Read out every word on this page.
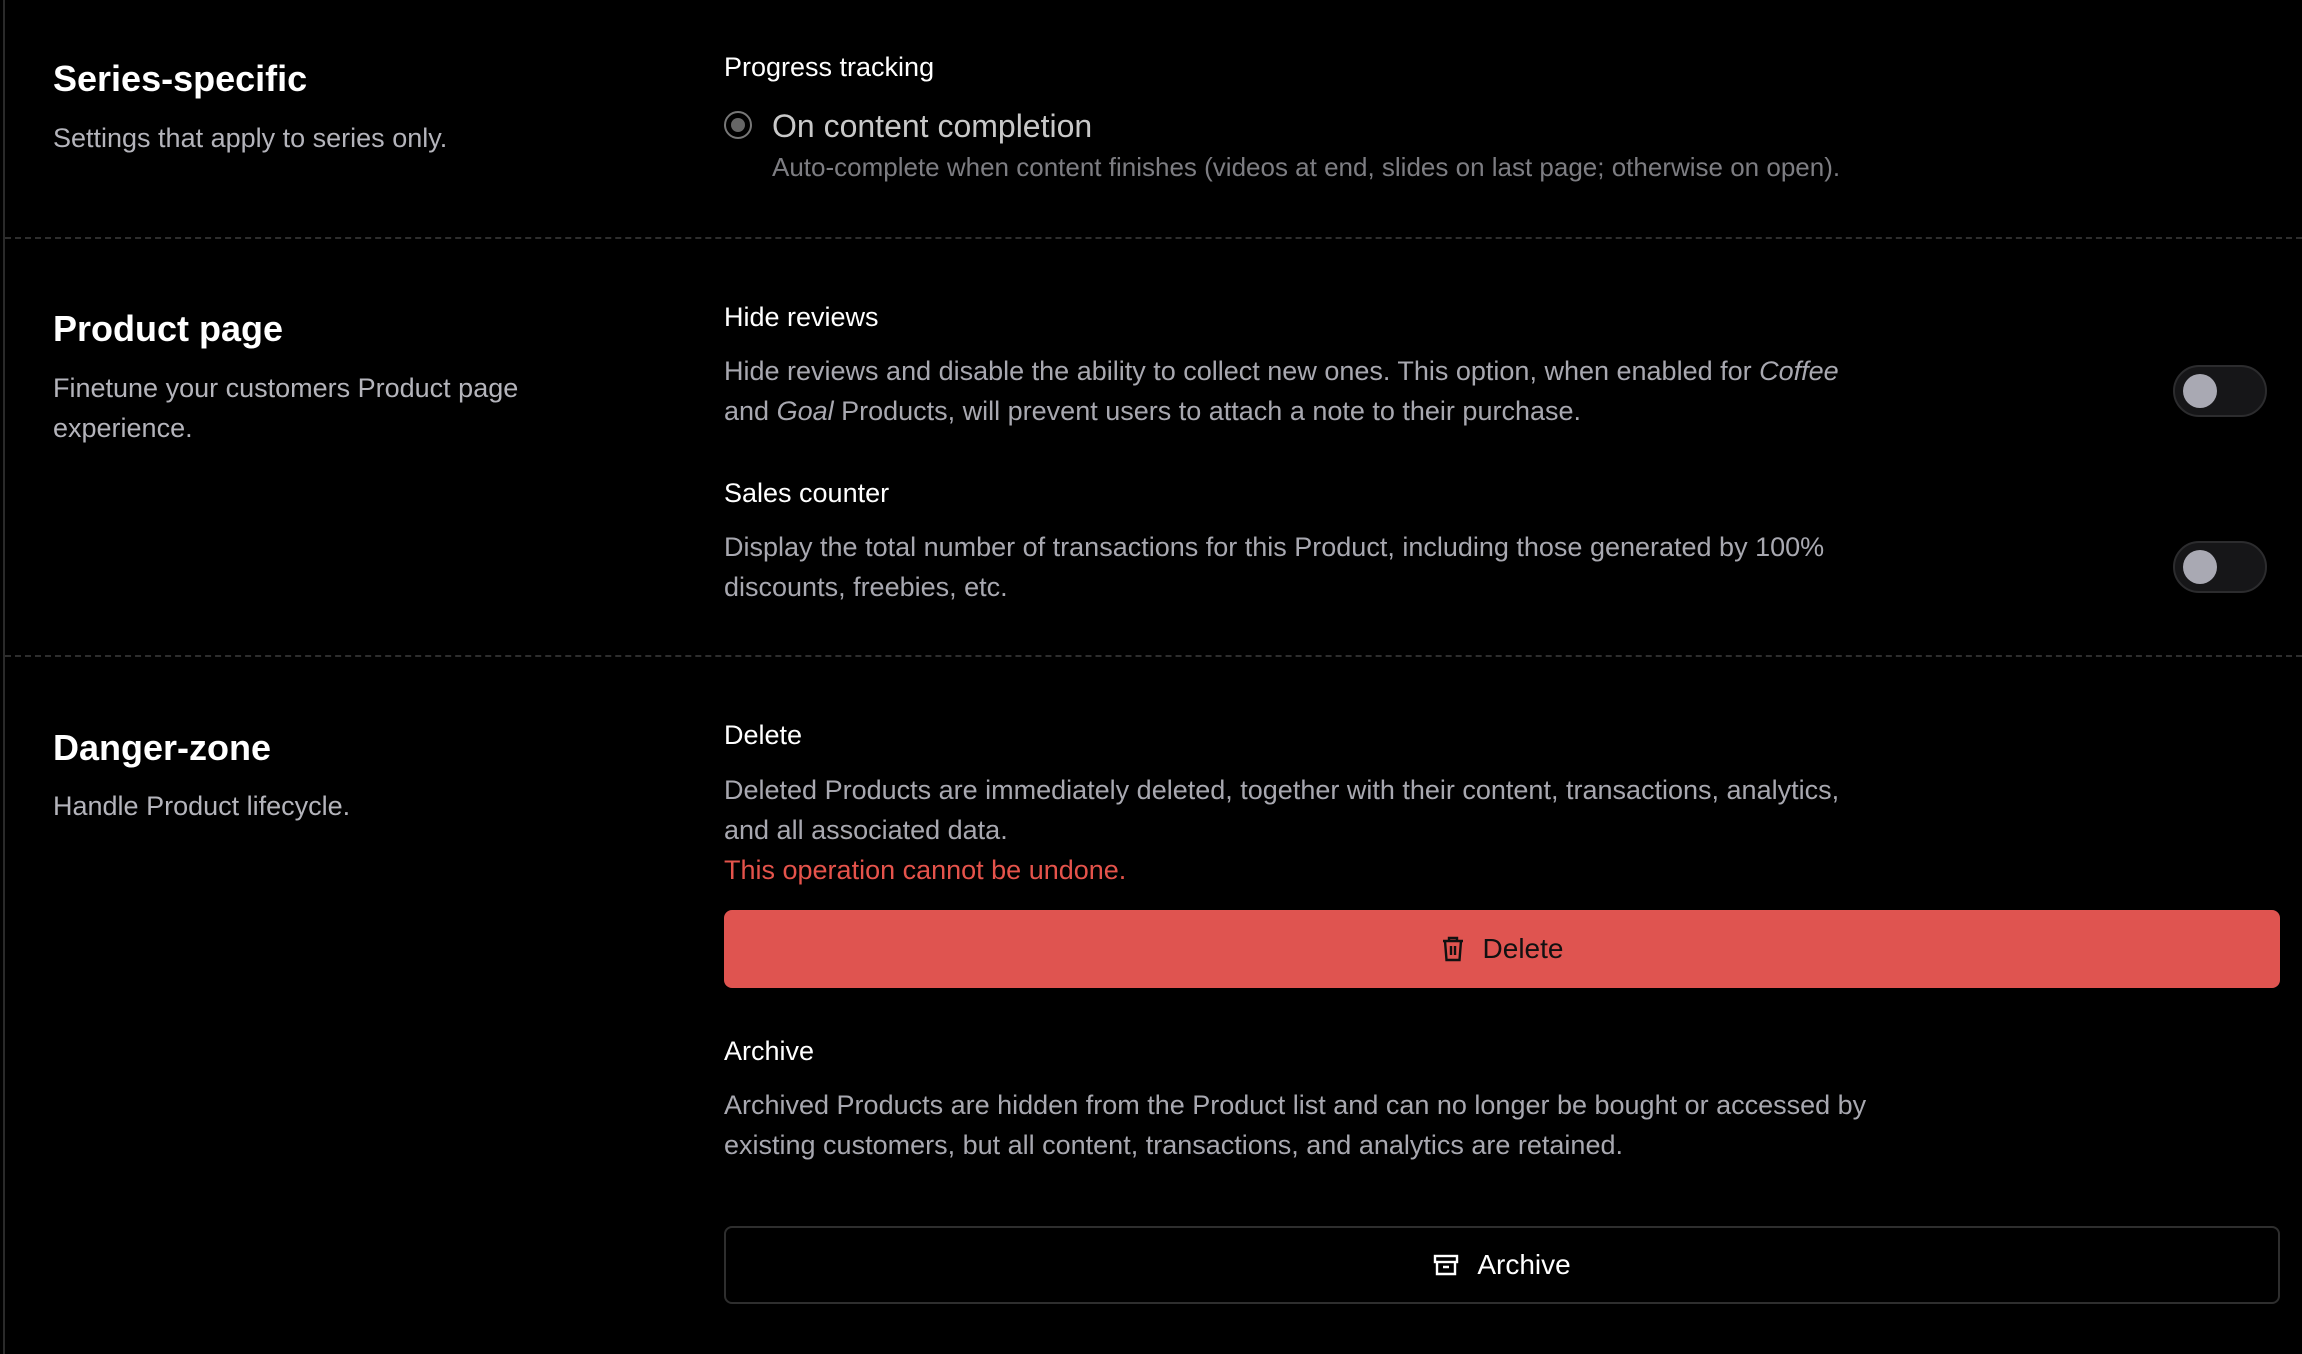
Series-specific
Settings that apply to series only.
Progress tracking
On content completion
Auto-complete when content finishes (videos at end, slides on last page; otherwise on open).
Product page
Finetune your customers Product page experience.
Hide reviews
Hide reviews and disable the ability to collect new ones. This option, when enabled for Coffee and Goal Products, will prevent users to attach a note to their purchase.
Sales counter
Display the total number of transactions for this Product, including those generated by 100% discounts, freebies, etc.
Danger-zone
Handle Product lifecycle.
Delete
Deleted Products are immediately deleted, together with their content, transactions, analytics, and all associated data.
This operation cannot be undone.
Delete
Archive
Archived Products are hidden from the Product list and can no longer be bought or accessed by existing customers, but all content, transactions, and analytics are retained.
Archive
